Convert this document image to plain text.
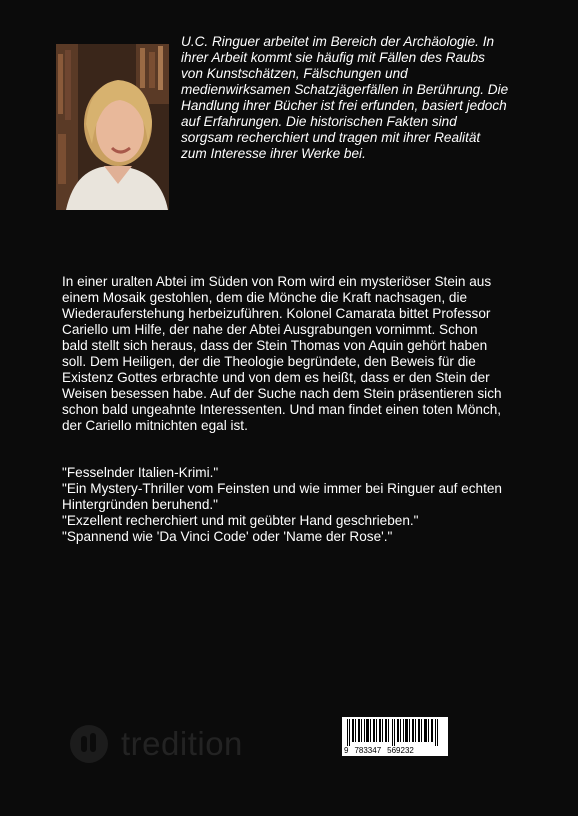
U.C. Ringuer arbeitet im Bereich der Archäologie. In ihrer Arbeit kommt sie häufig mit Fällen des Raubs von Kunstschätzen, Fälschungen und medienwirksamen Schatzjägerfällen in Berührung. Die Handlung ihrer Bücher ist frei erfunden, basiert jedoch auf Erfahrungen. Die historischen Fakten sind sorgsam recherchiert und tragen mit ihrer Realität zum Interesse ihrer Werke bei.

In einer uralten Abtei im Süden von Rom wird ein mysteriöser Stein aus einem Mosaik gestohlen, dem die Mönche die Kraft nachsagen, die Wiederauferstehung herbeizuführen. Kolonel Camarata bittet Professor Cariello um Hilfe, der nahe der Abtei Ausgrabungen vornimmt. Schon bald stellt sich heraus, dass der Stein Thomas von Aquin gehört haben soll. Dem Heiligen, der die Theologie begründete, den Beweis für die Existenz Gottes erbrachte und von dem es heißt, dass er den Stein der Weisen besessen habe. Auf der Suche nach dem Stein präsentieren sich schon bald ungeahnte Interessenten. Und man findet einen toten Mönch, der Cariello mitnichten egal ist.

"Fesselnder Italien-Krimi."
"Ein Mystery-Thriller vom Feinsten und wie immer bei Ringuer auf echten Hintergründen beruhend."
"Exzellent recherchiert und mit geübter Hand geschrieben."
"Spannend wie 'Da Vinci Code' oder 'Name der Rose'."
tredition	9 783347 569232
